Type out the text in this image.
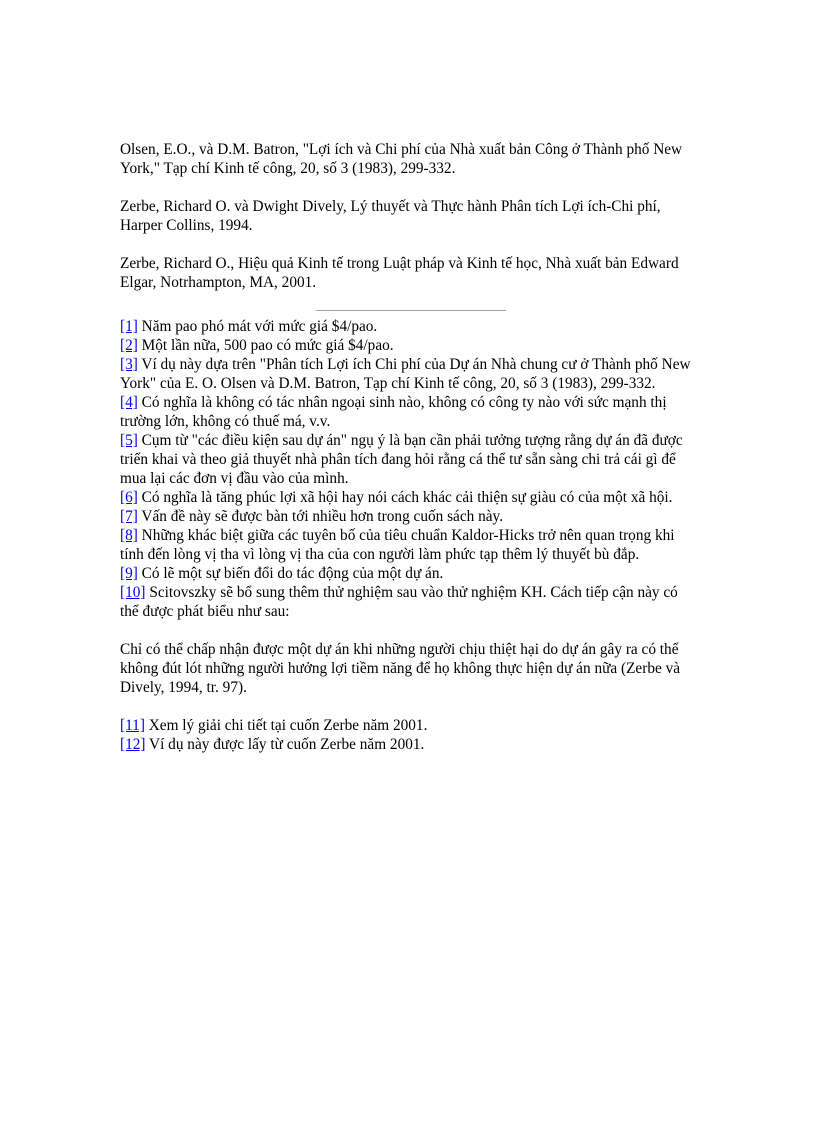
Olsen, E.O., và D.M. Batron, "Lợi ích và Chi phí của Nhà xuất bản Công ở Thành phố New York," Tạp chí Kinh tế công, 20, số 3 (1983), 299-332.

Zerbe, Richard O. và Dwight Dively, Lý thuyết và Thực hành Phân tích Lợi ích-Chi phí, Harper Collins, 1994.

Zerbe, Richard O., Hiệu quả Kinh tế trong Luật pháp và Kinh tế học, Nhà xuất bản Edward Elgar, Notrhampton, MA, 2001.

[1] Năm pao phó mát với mức giá $4/pao.

[2] Một lần nữa, 500 pao có mức giá $4/pao.

[3] Ví dụ này dựa trên "Phân tích Lợi ích Chi phí của Dự án Nhà chung cư ở Thành phố New York" của E. O. Olsen và D.M. Batron, Tạp chí Kinh tế công, 20, số 3 (1983), 299-332.

[4] Có nghĩa là không có tác nhân ngoại sinh nào, không có công ty nào với sức mạnh thị trường lớn, không có thuế má, v.v.

[5] Cụm từ "các điều kiện sau dự án" ngụ ý là bạn cần phải tưởng tượng rằng dự án đã được triển khai và theo giả thuyết nhà phân tích đang hỏi rằng cá thể tư sẵn sàng chi trả cái gì để mua lại các đơn vị đầu vào của mình.

[6] Có nghĩa là tăng phúc lợi xã hội hay nói cách khác cải thiện sự giàu có của một xã hội.

[7] Vấn đề này sẽ được bàn tới nhiều hơn trong cuốn sách này.

[8] Những khác biệt giữa các tuyên bố của tiêu chuẩn Kaldor-Hicks trở nên quan trọng khi tính đến lòng vị tha vì lòng vị tha của con người làm phức tạp thêm lý thuyết bù đắp.

[9] Có lẽ một sự biến đổi do tác động của một dự án.

[10] Scitovszky sẽ bổ sung thêm thử nghiệm sau vào thử nghiệm KH. Cách tiếp cận này có thể được phát biểu như sau:

Chỉ có thể chấp nhận được một dự án khi những người chịu thiệt hại do dự án gây ra có thể không đút lót những người hưởng lợi tiềm năng để họ không thực hiện dự án nữa (Zerbe và Dively, 1994, tr. 97).

[11] Xem lý giải chi tiết tại cuốn Zerbe năm 2001.

[12] Ví dụ này được lấy từ cuốn Zerbe năm 2001.
